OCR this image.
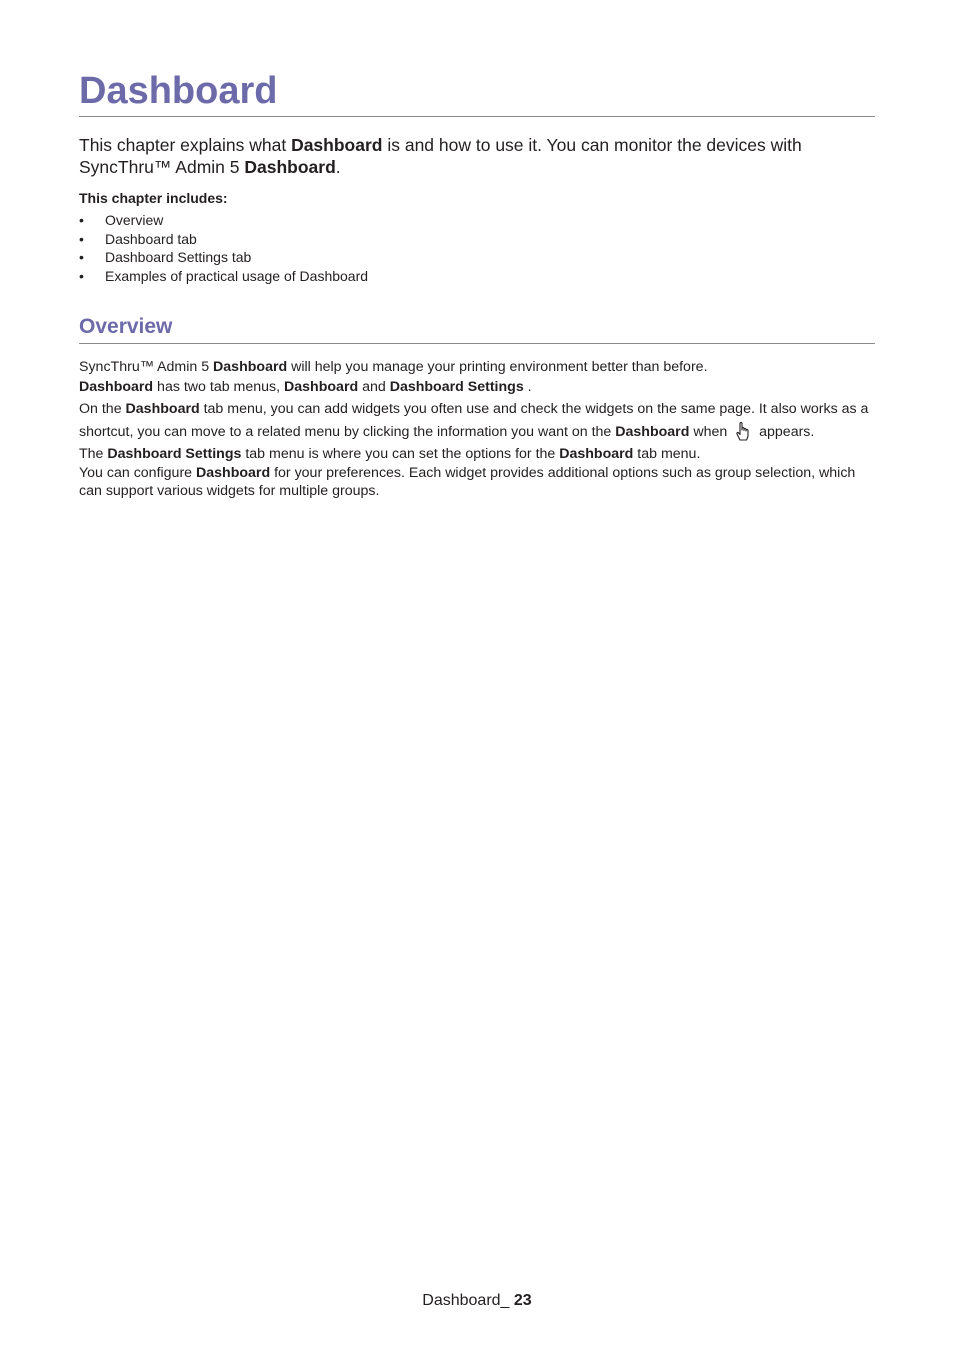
Dashboard

This chapter explains what Dashboard is and how to use it. You can monitor the devices with SyncThru™ Admin 5 Dashboard.

This chapter includes:

• Overview
• Dashboard tab
• Dashboard Settings tab
• Examples of practical usage of Dashboard
Overview

SyncThru™ Admin 5 Dashboard will help you manage your printing environment better than before.

Dashboard has two tab menus, Dashboard and Dashboard Settings .

On the Dashboard tab menu, you can add widgets you often use and check the widgets on the same page. It also works as a shortcut, you can move to a related menu by clicking the information you want on the Dashboard when  appears.

The Dashboard Settings tab menu is where you can set the options for the Dashboard tab menu.

You can configure Dashboard for your preferences. Each widget provides additional options such as group selection, which can support various widgets for multiple groups.

Dashboard_ 23
